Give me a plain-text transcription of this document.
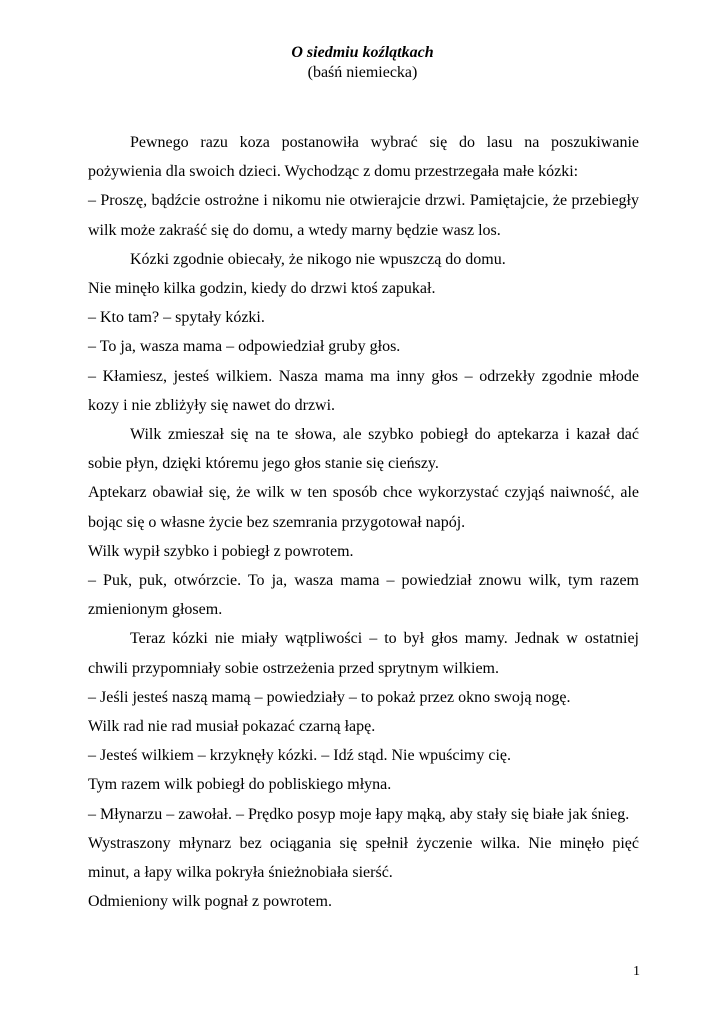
O siedmiu koźlątkach
(baśń niemiecka)

Pewnego razu koza postanowiła wybrać się do lasu na poszukiwanie pożywienia dla swoich dzieci. Wychodząc z domu przestrzegała małe kózki:

– Proszę, bądźcie ostrożne i nikomu nie otwierajcie drzwi. Pamiętajcie, że przebiegły wilk może zakraść się do domu, a wtedy marny będzie wasz los.

Kózki zgodnie obiecały, że nikogo nie wpuszczą do domu.

Nie minęło kilka godzin, kiedy do drzwi ktoś zapukał.

– Kto tam? – spytały kózki.

– To ja, wasza mama – odpowiedział gruby głos.

– Kłamiesz, jesteś wilkiem. Nasza mama ma inny głos – odrzekły zgodnie młode kozy i nie zbliżyły się nawet do drzwi.

Wilk zmieszał się na te słowa, ale szybko pobiegł do aptekarza i kazał dać sobie płyn, dzięki któremu jego głos stanie się cieńszy.

Aptekarz obawiał się, że wilk w ten sposób chce wykorzystać czyjąś naiwność, ale bojąc się o własne życie bez szemrania przygotował napój.

Wilk wypił szybko i pobiegł z powrotem.

– Puk, puk, otwórzcie. To ja, wasza mama – powiedział znowu wilk, tym razem zmienionym głosem.

Teraz kózki nie miały wątpliwości – to był głos mamy. Jednak w ostatniej chwili przypomniały sobie ostrzeżenia przed sprytnym wilkiem.

– Jeśli jesteś naszą mamą – powiedziały – to pokaż przez okno swoją nogę.

Wilk rad nie rad musiał pokazać czarną łapę.

– Jesteś wilkiem – krzyknęły kózki. – Idź stąd. Nie wpuścimy cię.

Tym razem wilk pobiegł do pobliskiego młyna.

– Młynarzu – zawołał. – Prędko posyp moje łapy mąką, aby stały się białe jak śnieg.

Wystraszony młynarz bez ociągania się spełnił życzenie wilka. Nie minęło pięć minut, a łapy wilka pokryła śnieżnobiała sierść.

Odmieniony wilk pognał z powrotem.

1
